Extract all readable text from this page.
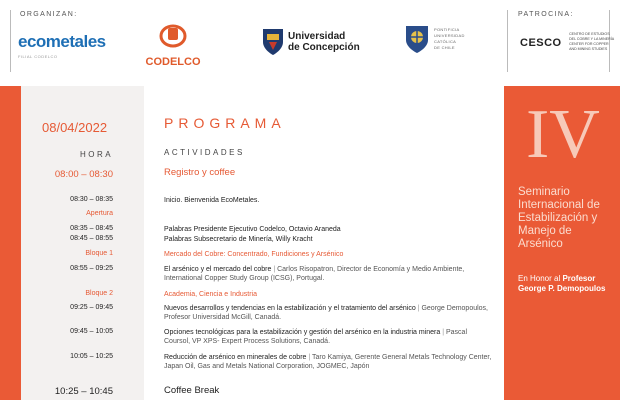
ORGANIZAN:	PATROCINA:
ecometales
FILIAL CODELCO	CODELCO
Universidad
de Concepción
PONTIFICIA
UNIVERSIDAD
CATÓLICA
DE CHILE	CESCO
CENTRO DE ESTUDIOS
DEL COBRE Y LA MINERÍA
CENTER FOR COPPER
AND MINING STUDIES
08/04/2022
HORA
PROGRAMA
ACTIVIDADES
08:00 – 08:30	Registro y coffee
08:30 – 08:35	Inicio. Bienvenida EcoMetales.
Apertura
08:35 – 08:45	Palabras Presidente Ejecutivo Codelco, Octavio Araneda
08:45 – 08:55	Palabras Subsecretario de Minería, Willy Kracht
Bloque 1	Mercado del Cobre: Concentrado, Fundiciones y Arsénico
08:55 – 09:25	El arsénico y el mercado del cobre | Carlos Risopatron, Director de Economía y Medio Ambiente, International Copper Study Group (ICSG), Portugal.
Bloque 2	Academia, Ciencia e Industria
09:25 – 09:45	Nuevos desarrollos y tendencias en la estabilización y el tratamiento del arsénico | George Demopoulos, Profesor Universidad McGill, Canadá.
09:45 – 10:05	Opciones tecnológicas para la estabilización y gestión del arsénico en la industria minera | Pascal Coursol, VP XPS- Expert Process Solutions, Canadá.
10:05 – 10:25	Reducción de arsénico en minerales de cobre | Taro Kamiya, Gerente General Metals Technology Center, Japan Oil, Gas and Metals National Corporation, JOGMEC, Japón
10:25 – 10:45	Coffee Break
IV
Seminario
Internacional de
Estabilización y
Manejo de
Arsénico
En Honor al Profesor
George P. Demopoulos
